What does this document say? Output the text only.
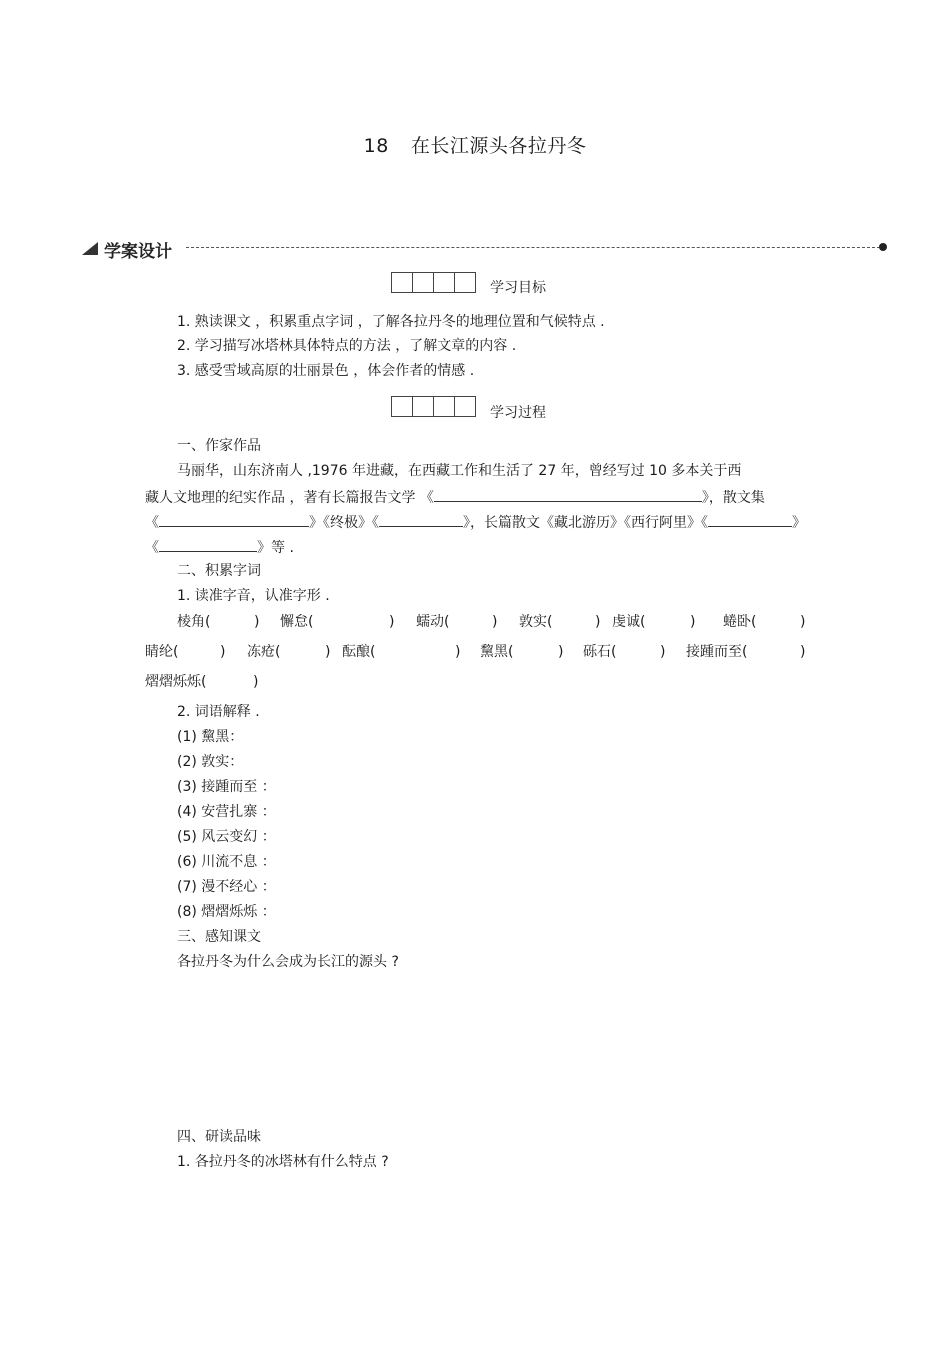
18 在长江源头各拉丹冬
学案设计
学习目标
1. 熟读课文 ，积累重点字词 ，了解各拉丹冬的地理位置和气候特点 .
2. 学习描写冰塔林具体特点的方法 ，了解文章的内容 .
3. 感受雪域高原的壮丽景色 ，体会作者的情感 .
学习过程
一、作家作品
马丽华，山东济南人 ,1976 年进藏，在西藏工作和生活了 27 年，曾经写过 10 多本关于西
藏人文地理的纪实作品 ，著有长篇报告文学 《	》，散文集
《	》《终极》《	》，长篇散文《藏北游历》《西行阿里》《	》
《	》等 .
二、积累字词
1. 读准字音，认准字形 .
棱角(	) 懈怠(	) 蠕动(	) 敦实(	) 虔诚(	) 蜷卧(	)
睛纶(	) 冻疮(	) 酝酿(	) 黧黑(	) 砾石(	) 接踵而至(	)
熠熠烁烁(	)
2. 词语解释 .
(1) 黧黑：
(2) 敦实：
(3) 接踵而至 ：
(4) 安营扎寨 ：
(5) 风云变幻 ：
(6) 川流不息 ：
(7) 漫不经心 ：
(8) 熠熠烁烁 ：
三、感知课文
各拉丹冬为什么会成为长江的源头 ?
四、研读品味
1. 各拉丹冬的冰塔林有什么特点 ?
